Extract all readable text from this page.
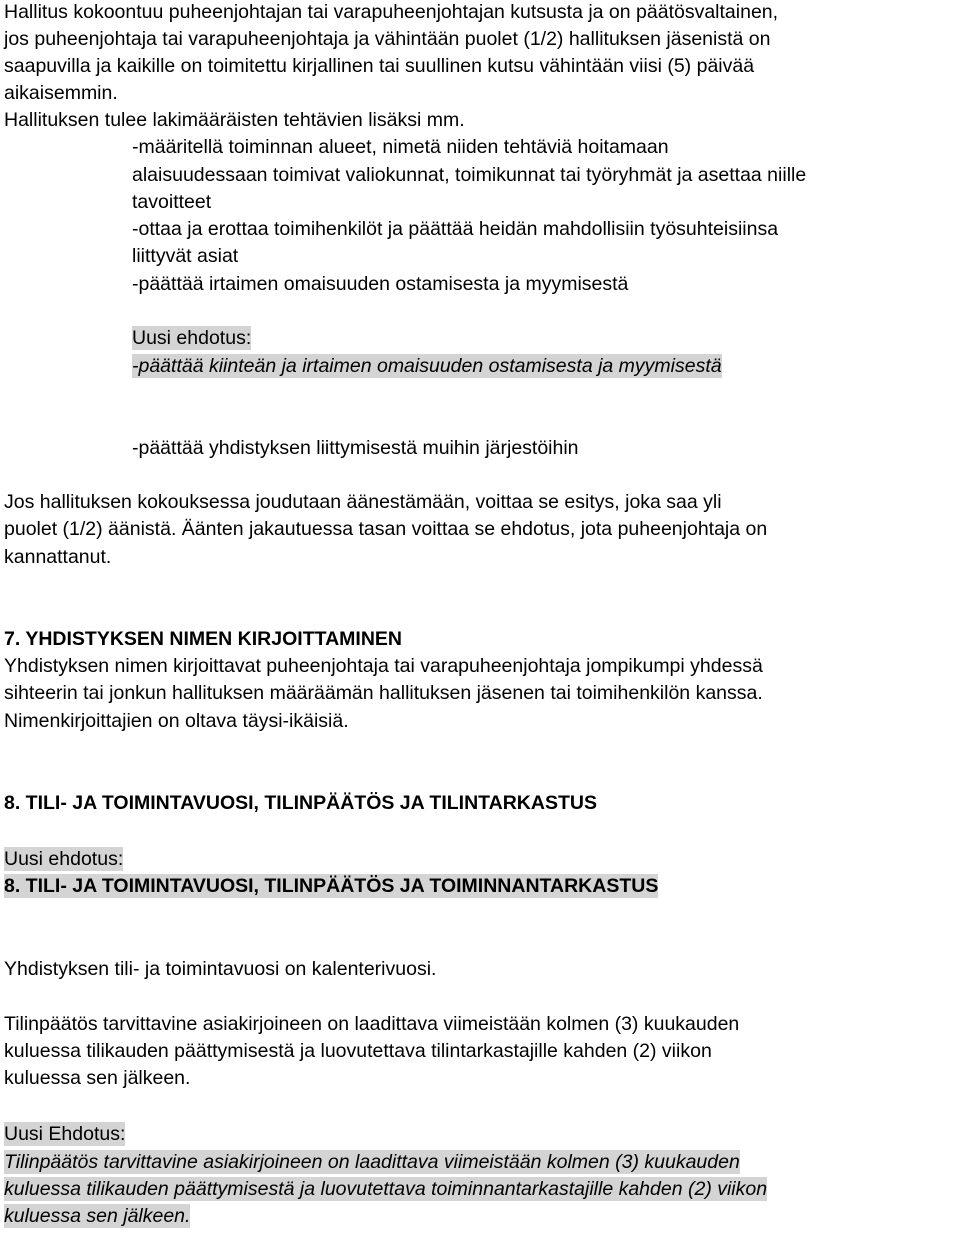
Hallitus kokoontuu puheenjohtajan tai varapuheenjohtajan kutsusta ja on päätösvaltainen,
jos puheenjohtaja tai varapuheenjohtaja ja vähintään puolet (1/2) hallituksen jäsenistä on
saapuvilla ja kaikille on toimitettu kirjallinen tai suullinen kutsu vähintään viisi (5) päivää
aikaisemmin.
Hallituksen tulee lakimääräisten tehtävien lisäksi mm.
-määritellä toiminnan alueet, nimetä niiden tehtäviä hoitamaan
alaisuudessaan toimivat valiokunnat, toimikunnat tai työryhmät ja asettaa niille
tavoitteet
-ottaa ja erottaa toimihenkilöt ja päättää heidän mahdollisiin työsuhteisiinsa
liittyvät asiat
-päättää irtaimen omaisuuden ostamisesta ja myymisestä
Uusi ehdotus:
-päättää kiinteän ja irtaimen omaisuuden ostamisesta ja myymisestä
-päättää yhdistyksen liittymisestä muihin järjestöihin
Jos hallituksen kokouksessa joudutaan äänestämään, voittaa se esitys, joka saa yli
puolet (1/2) äänistä. Äänten jakautuessa tasan voittaa se ehdotus, jota puheenjohtaja on
kannattanut.
7. YHDISTYKSEN NIMEN KIRJOITTAMINEN
Yhdistyksen nimen kirjoittavat puheenjohtaja tai varapuheenjohtaja jompikumpi yhdessä
sihteerin tai jonkun hallituksen määräämän hallituksen jäsenen tai toimihenkilön kanssa.
Nimenkirjoittajien on oltava täysi-ikäisiä.
8. TILI- JA TOIMINTAVUOSI, TILINPÄÄTÖS JA TILINTARKASTUS
Uusi ehdotus:
8. TILI- JA TOIMINTAVUOSI, TILINPÄÄTÖS JA TOIMINNANTARKASTUS
Yhdistyksen tili- ja toimintavuosi on kalenterivuosi.
Tilinpäätös tarvittavine asiakirjoineen on laadittava viimeistään kolmen (3) kuukauden
kuluessa tilikauden päättymisestä ja luovutettava tilintarkastajille kahden (2) viikon
kuluessa sen jälkeen.
Uusi Ehdotus:
Tilinpäätös tarvittavine asiakirjoineen on laadittava viimeistään kolmen (3) kuukauden
kuluessa tilikauden päättymisestä ja luovutettava toiminnantarkastajille kahden (2) viikon
kuluessa sen jälkeen.
